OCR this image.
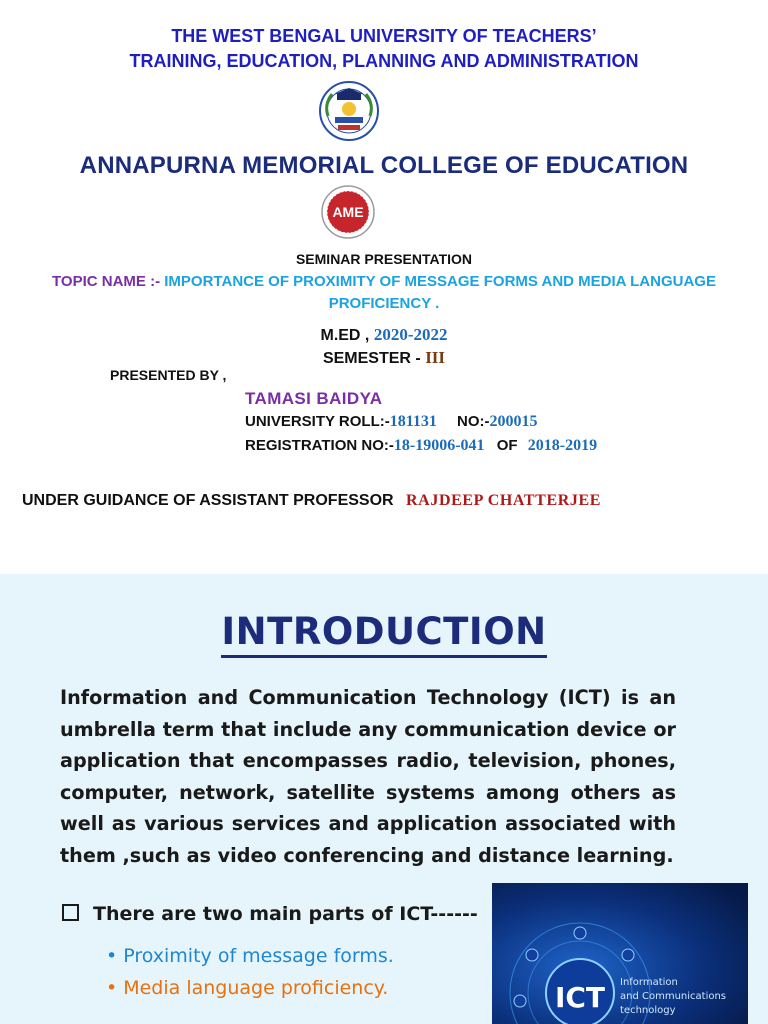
THE WEST BENGAL UNIVERSITY OF TEACHERS’
TRAINING, EDUCATION, PLANNING AND ADMINISTRATION
ANNAPURNA MEMORIAL COLLEGE OF EDUCATION
AME
SEMINAR PRESENTATION
TOPIC NAME :- IMPORTANCE OF PROXIMITY OF MESSAGE FORMS AND MEDIA LANGUAGE
PROFICIENCY .
M.ED , 2020-2022
SEMESTER - III
PRESENTED BY ,
TAMASI BAIDYA
UNIVERSITY ROLL:-181131 NO:-200015
REGISTRATION NO:-18-19006-041 OF 2018-2019
UNDER GUIDANCE OF ASSISTANT PROFESSOR RAJDEEP CHATTERJEE
INTRODUCTION
Information and Communication Technology (ICT) is an umbrella term that include any communication device or application that encompasses radio, television, phones, computer, network, satellite systems among others as well as various services and application associated with them ,such as video conferencing and distance learning.
There are two main parts of ICT------
• Proximity of message forms.
• Media language proficiency.	ICT Information
and Communications
technology
